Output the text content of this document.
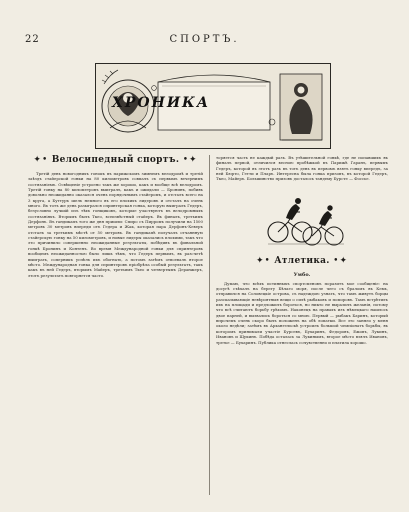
22	СПОРТЪ.
ХРОНИКА
✦• Велосипедный спортъ. •✦

Третій день новогоднихъ гонокъ въ парижскомъ зимнемъ велодромѣ и третій заѣздъ стайерской гонки на 80 километровъ совпалъ съ первымъ вечернимъ состязаніемъ. Освѣщеніе устроено такъ же хорошо, какъ и вообще всѣ велодромъ. Третій гонку на 80 километровъ выигралъ, какъ и ожидали — Бронинъ, побивъ довольно неожиданно оказался очень порядочнымъ стайеромъ, и отсталъ всего на 3 круга, а Буттуръ шелъ немного въ его плохихъ лидеровъ и отсталъ на очень много. Въ тотъ же день разыгрался спринтерская гонка, которую выигралъ Гедеръ, безусловно лучшій изъ тѣхъ гонщиковъ, которые участвуютъ въ велодромныхъ состязаніяхъ. Вторымъ былъ Ткео, всеизвѣстный стайеръ. Въ финалъ, третьимъ Дерфонъ. Въ гандикапъ того же дня пришли: Спиро съ Пирромъ получили на 1500 метровъ 30 метровъ впереди отъ Гедера и Жак, которая пара Дерфонъ-Кеверъ отсталъ за третьимъ мѣстѣ от 50 метровъ. Въ гандикапѣ получалъ отчаянную стайерскую гонку на 50 километровъ, и новые лидеры оказались плохими, такъ что это причинило совершенно неожиданные результаты, побѣдивъ въ финальной гонкѣ Бронинъ и Контенъ. Во время Международной гонки для спринтеровъ вообщемъ неожиданностью было лишь тѣмъ, что Гедеръ первымъ, въ разсчетѣ выиграть, соперникъ успѣлъ ихъ обогнать, а потомъ затѣмъ отвоевалъ второе мѣсто. Международная гонка для спринтеровъ пріобрѣла особый результатъ, такъ какъ въ ней Гедеръ, вторымъ Майеръ, третьимъ Ткео и четвертымъ Деранжеръ, этотъ результатъ повторяется часто.

торяется часть не каждый разъ. Въ утѣшительной гонкѣ, где не попавшихъ въ финалъ первой, отличился весною пробѣжкой въ Парижѣ Гаранъ, первымъ Гедеръ, которой въ этотъ разъ въ тотъ день въ первомъ взятъ гонку впередъ, за ней Бюрто, Гетти и Пларъ. Интересна была гонка призовъ, въ которой Гедеръ, Ткео, Майеръ. Большинство призовъ досталось тандему Бурсте — Фоссье.

✦• Атлетика. •✦
Умбо.

Думаю, что всѣхъ истинныхъ спортсменовъ поразитъ мое сообщеніе: на досугѣ съѣхалъ на берегу Бѣлаго моря, после чего съ браломъ въ Кемь, отправился на Соловецкіе острова, съ надеждою узнать, что тамъ живутъ борцы разсказывающіе невѣроятныя вещи о силѣ рыбаковъ и поморовъ. Тамъ встрѣтилъ ихъ на площади и предложилъ бороться, но никто не выразилъ желанія, потому что всѣ считаютъ борьбу грѣхомъ. Наконецъ на правахъ изъ нѣмецкаго нашлось двое парней, и вызвались бороться со мною. Первый — рыбакъ Баринъ, который впрочемъ очень скоро былъ положенъ на обѣ лопатки. Все это заняло у меня около недѣли; затѣмъ въ Архангельскѣ устроилъ большой чемпіонатъ борьбы, въ которомъ принимали участіе Бурсевъ, Бухаринъ, Федоровъ, Ежовъ, Лукинъ, Ивановъ и Щукинъ. Побѣда осталась за Лукинымъ, второе мѣсто взялъ Ивановъ, третье — Бухаринъ. Публика отнеслась сочувственно и платила хорошо.
